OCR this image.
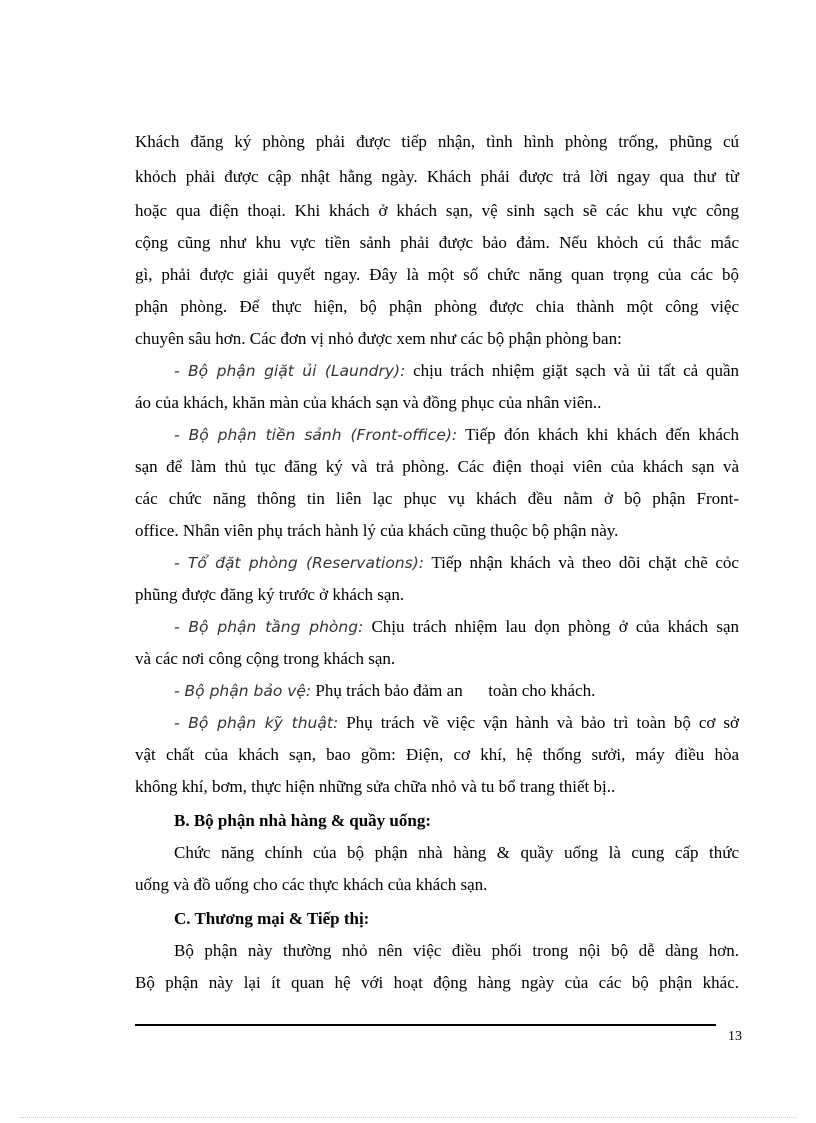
Khách đăng ký phòng phải được tiếp nhận, tình hình phòng trống, phũng cú

khỏch phải được cập nhật hằng ngày. Khách phải được trả lời ngay qua thư từ

hoặc qua điện thoại. Khi khách ở khách sạn, vệ sinh sạch sẽ các khu vực công

cộng cũng như khu vực tiền sảnh phải được bảo đảm. Nếu khỏch cú thắc mắc

gì, phải được giải quyết ngay. Đây là một số chức năng quan trọng của các bộ

phận phòng. Để thực hiện, bộ phận phòng được chia thành một công việc

chuyên sâu hơn. Các đơn vị nhỏ được xem như các bộ phận phòng ban:

- Bộ phận giặt ủi (Laundry): chịu trách nhiệm giặt sạch và ủi tất cả quần

áo của khách, khăn màn của khách sạn và đồng phục của nhân viên..

- Bộ phận tiền sảnh (Front-office): Tiếp đón khách khi khách đến khách

sạn để làm thủ tục đăng ký và trả phòng. Các điện thoại viên của khách sạn và

các chức năng thông tin liên lạc phục vụ khách đều nằm ở bộ phận Front-

office. Nhân viên phụ trách hành lý của khách cũng thuộc bộ phận này.

- Tổ đặt phòng (Reservations): Tiếp nhận khách và theo dõi chặt chẽ cỏc

phũng được đăng ký trước ở khách sạn.

- Bộ phận tầng phòng: Chịu trách nhiệm lau dọn phòng ở của khách sạn

và các nơi công cộng trong khách sạn.

- Bộ phận bảo vệ: Phụ trách bảo đảm an      toàn cho khách.

- Bộ phận kỹ thuật: Phụ trách về việc vận hành và bảo trì toàn bộ cơ sở

vật chất của khách sạn, bao gồm: Điện, cơ khí, hệ thống sưởi, máy điều hòa

không khí, bơm, thực hiện những sửa chữa nhỏ và tu bổ trang thiết bị..

B. Bộ phận nhà hàng & quầy uống:

Chức năng chính của bộ phận nhà hàng & quầy uống là cung cấp thức

uống và đồ uống cho các thực khách của khách sạn.

C. Thương mại & Tiếp thị:

Bộ phận này thường nhỏ nên việc điều phối trong nội bộ dễ dàng hơn.

Bộ phận này lại ít quan hệ với hoạt động hàng ngày của các bộ phận khác.

13
